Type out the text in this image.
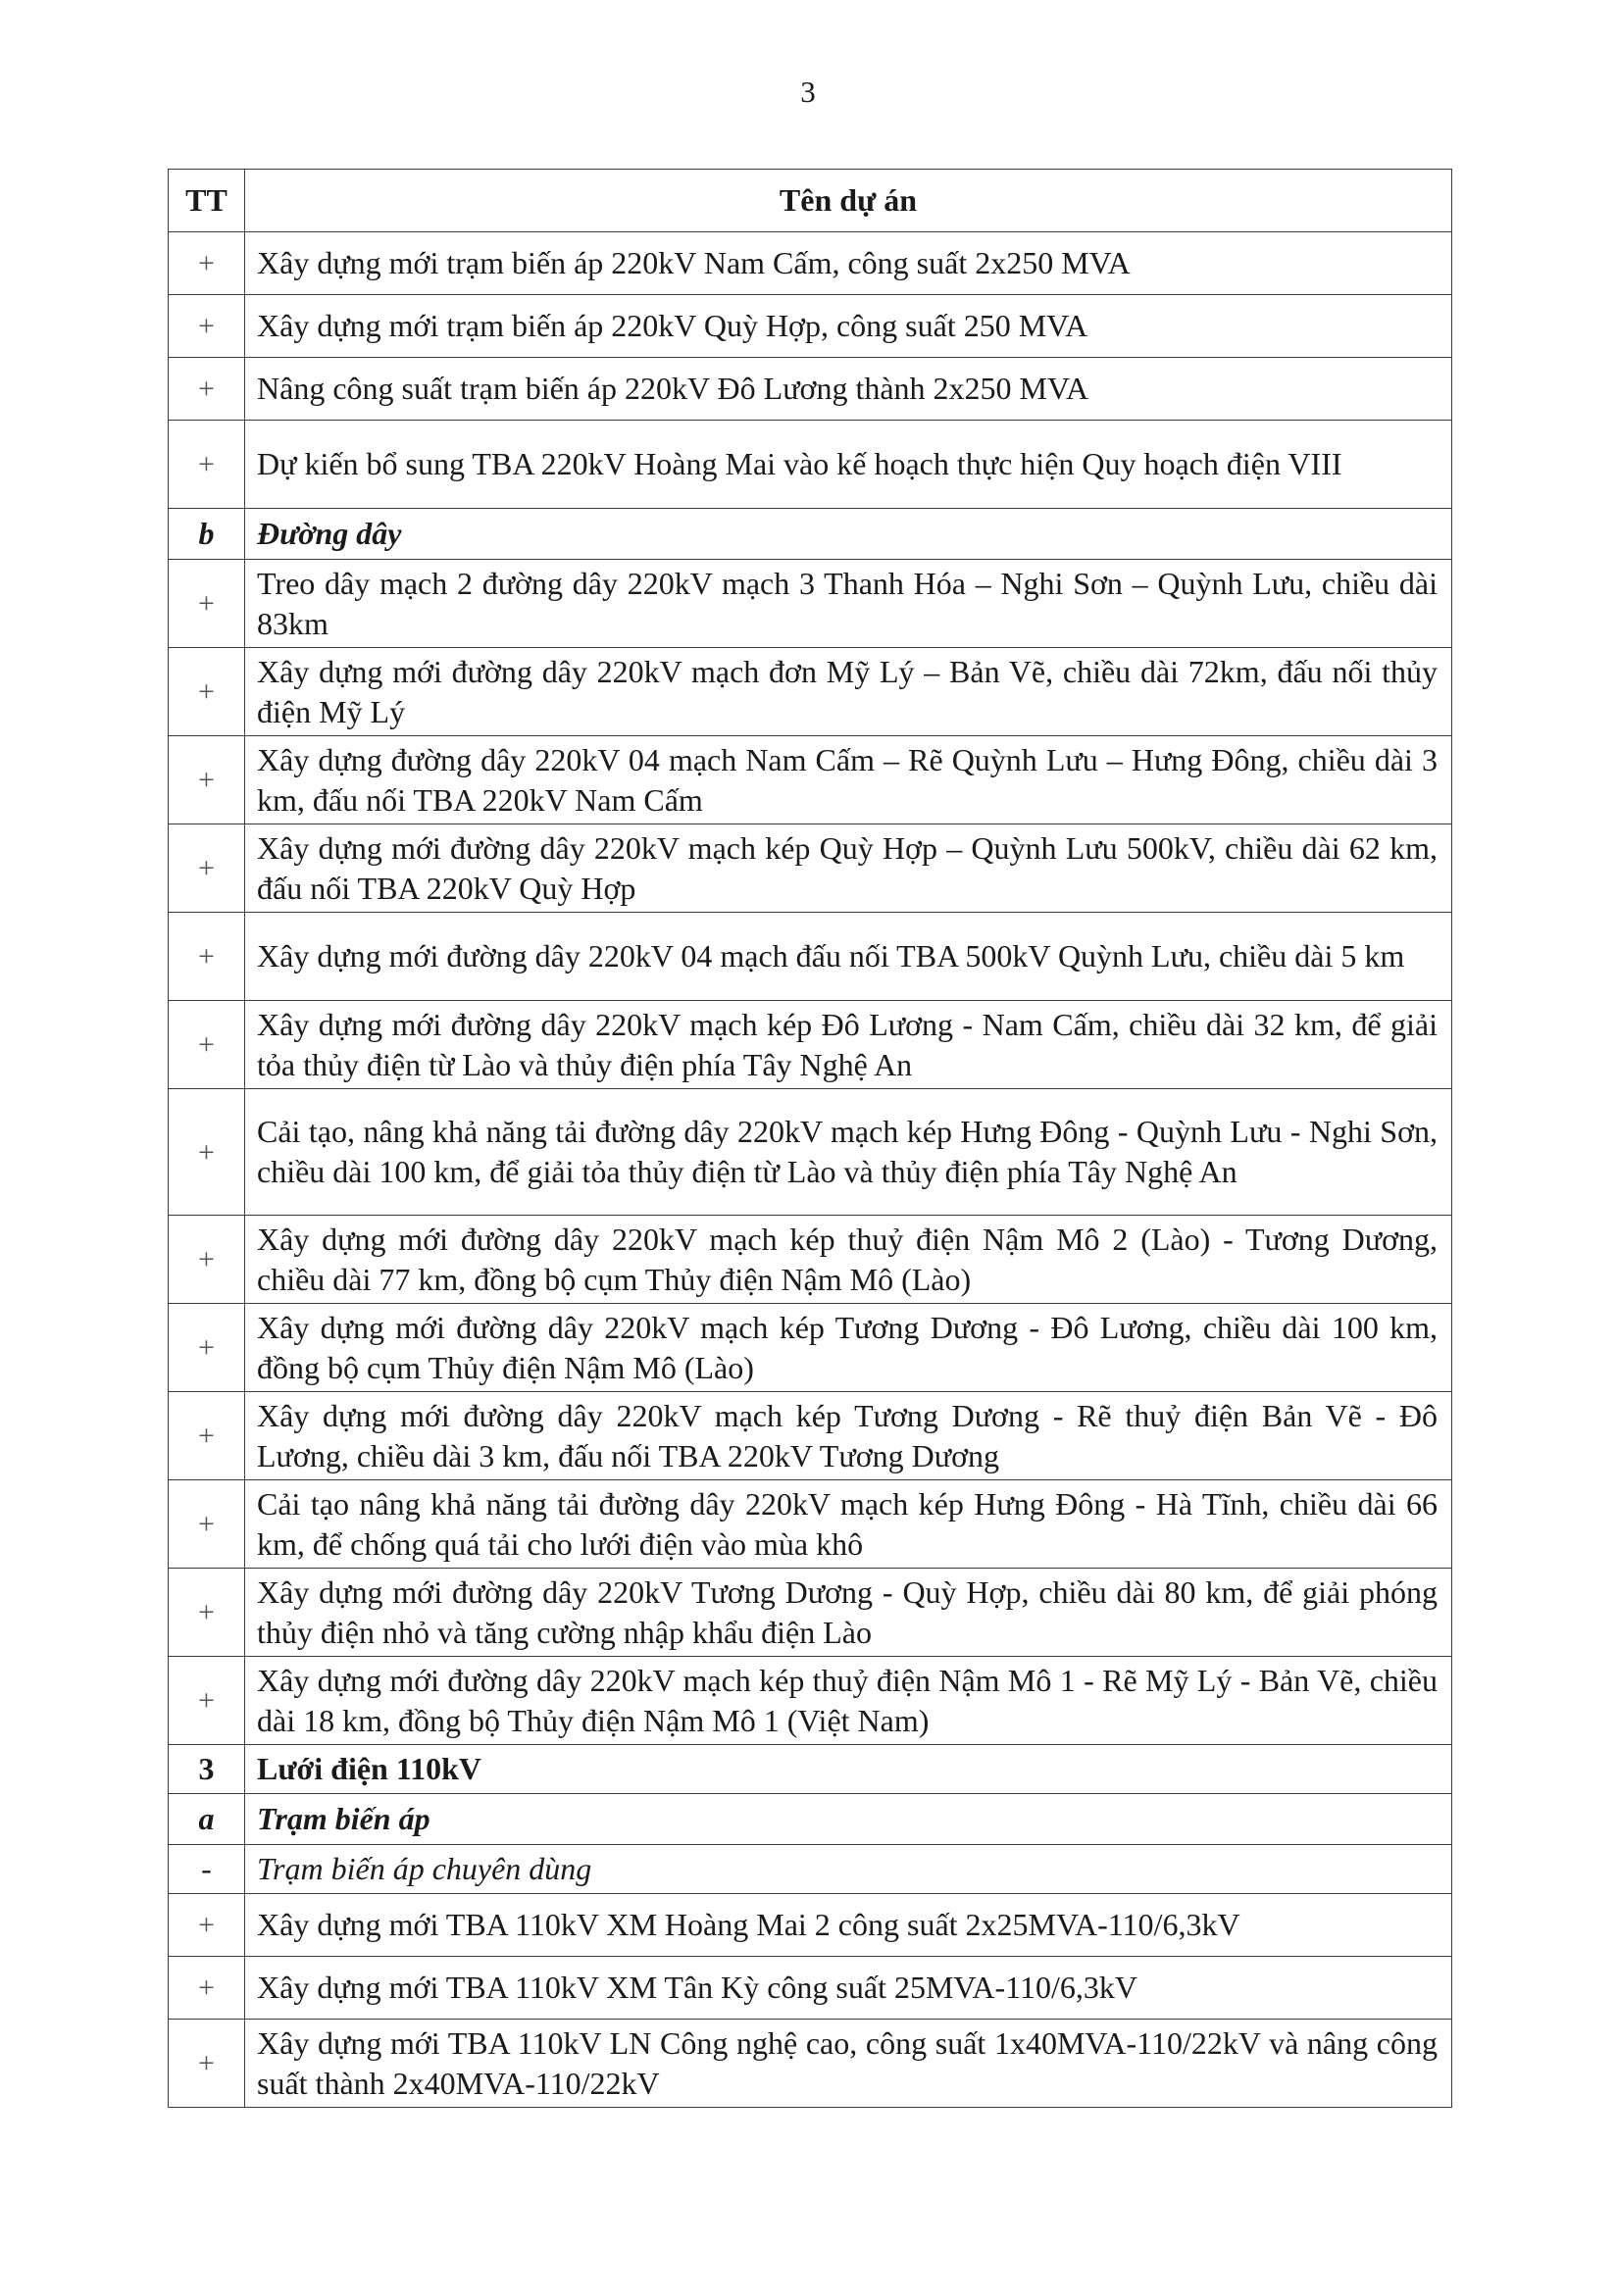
3
TT	Tên dự án
+	Xây dựng mới trạm biến áp 220kV Nam Cấm, công suất 2x250 MVA
+	Xây dựng mới trạm biến áp 220kV Quỳ Hợp, công suất 250 MVA
+	Nâng công suất trạm biến áp 220kV Đô Lương thành 2x250 MVA
+	Dự kiến bổ sung TBA 220kV Hoàng Mai vào kế hoạch thực hiện Quy hoạch điện VIII
b	Đường dây
+	Treo dây mạch 2 đường dây 220kV mạch 3 Thanh Hóa – Nghi Sơn – Quỳnh Lưu, chiều dài 83km
+	Xây dựng mới đường dây 220kV mạch đơn Mỹ Lý – Bản Vẽ, chiều dài 72km, đấu nối thủy điện Mỹ Lý
+	Xây dựng đường dây 220kV 04 mạch Nam Cấm – Rẽ Quỳnh Lưu – Hưng Đông, chiều dài 3 km, đấu nối TBA 220kV Nam Cấm
+	Xây dựng mới đường dây 220kV mạch kép Quỳ Hợp – Quỳnh Lưu 500kV, chiều dài 62 km, đấu nối TBA 220kV Quỳ Hợp
+	Xây dựng mới đường dây 220kV 04 mạch đấu nối TBA 500kV Quỳnh Lưu, chiều dài 5 km
+	Xây dựng mới đường dây 220kV mạch kép Đô Lương - Nam Cấm, chiều dài 32 km, để giải tỏa thủy điện từ Lào và thủy điện phía Tây Nghệ An
+	Cải tạo, nâng khả năng tải đường dây 220kV mạch kép Hưng Đông - Quỳnh Lưu - Nghi Sơn, chiều dài 100 km, để giải tỏa thủy điện từ Lào và thủy điện phía Tây Nghệ An
+	Xây dựng mới đường dây 220kV mạch kép thuỷ điện Nậm Mô 2 (Lào) - Tương Dương, chiều dài 77 km, đồng bộ cụm Thủy điện Nậm Mô (Lào)
+	Xây dựng mới đường dây 220kV mạch kép Tương Dương - Đô Lương, chiều dài 100 km, đồng bộ cụm Thủy điện Nậm Mô (Lào)
+	Xây dựng mới đường dây 220kV mạch kép Tương Dương - Rẽ thuỷ điện Bản Vẽ - Đô Lương, chiều dài 3 km, đấu nối TBA 220kV Tương Dương
+	Cải tạo nâng khả năng tải đường dây 220kV mạch kép Hưng Đông - Hà Tĩnh, chiều dài 66 km, để chống quá tải cho lưới điện vào mùa khô
+	Xây dựng mới đường dây 220kV Tương Dương - Quỳ Hợp, chiều dài 80 km, để giải phóng thủy điện nhỏ và tăng cường nhập khẩu điện Lào
+	Xây dựng mới đường dây 220kV mạch kép thuỷ điện Nậm Mô 1 - Rẽ Mỹ Lý - Bản Vẽ, chiều dài 18 km, đồng bộ Thủy điện Nậm Mô 1 (Việt Nam)
3	Lưới điện 110kV
a	Trạm biến áp
-	Trạm biến áp chuyên dùng
+	Xây dựng mới TBA 110kV XM Hoàng Mai 2 công suất 2x25MVA-110/6,3kV
+	Xây dựng mới TBA 110kV XM Tân Kỳ công suất 25MVA-110/6,3kV
+	Xây dựng mới TBA 110kV LN Công nghệ cao, công suất 1x40MVA-110/22kV và nâng công suất thành 2x40MVA-110/22kV
